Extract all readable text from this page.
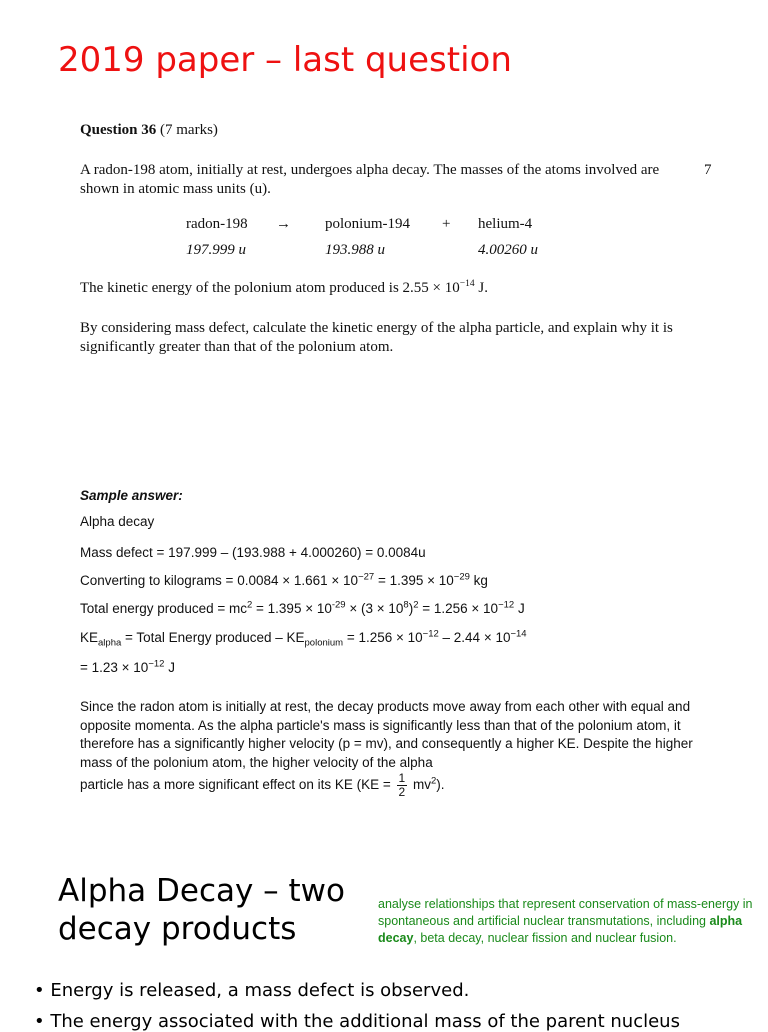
2019 paper – last question
Question 36 (7 marks)
7
A radon-198 atom, initially at rest, undergoes alpha decay. The masses of the atoms involved are shown in atomic mass units (u).
radon-198 → polonium-194 + helium-4
197.999 u	193.988 u	4.00260 u
The kinetic energy of the polonium atom produced is $2.55 \times 10^{-14}$ J.
By considering mass defect, calculate the kinetic energy of the alpha particle, and explain why it is significantly greater than that of the polonium atom.
Sample answer:
Alpha decay
Mass defect = 197.999 – (193.988 + 4.000260) = 0.0084u
Converting to kilograms = $0.0084 \times 1.661 \times 10^{-27} = 1.395 \times 10^{-29}$ kg
Total energy produced = $mc^2 = 1.395 \times 10^{-29} \times (3 \times 10^8)^2 = 1.256 \times 10^{-12}$ J
$KE_{alpha}$ = Total Energy produced – $KE_{polonium} = 1.256 \times 10^{-12} - 2.44 \times 10^{-14}$
= $1.23 \times 10^{-12}$ J
Since the radon atom is initially at rest, the decay products move away from each other with equal and opposite momenta. As the alpha particle's mass is significantly less than that of the polonium atom, it therefore has a significantly higher velocity (p = mv), and consequently a higher KE. Despite the higher mass of the polonium atom, the higher velocity of the alpha
particle has a more significant effect on its KE $(KE = \frac{1}{2} mv^2)$.
Alpha Decay – two decay products
analyse relationships that represent conservation of mass-energy in spontaneous and artificial nuclear transmutations, including alpha decay, beta decay, nuclear fission and nuclear fusion.
• Energy is released, a mass defect is observed.
• The energy associated with the additional mass of the parent nucleus
